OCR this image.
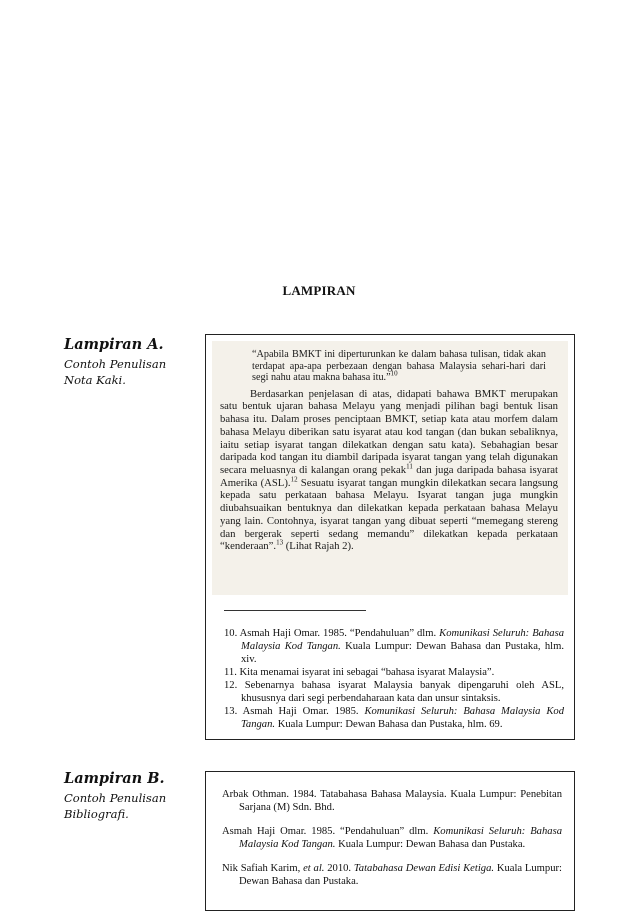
LAMPIRAN
Lampiran A.
Contoh Penulisan Nota Kaki.
“Apabila BMKT ini diperturunkan ke dalam bahasa tulisan, tidak akan terdapat apa-apa perbezaan dengan bahasa Malaysia sehari-hari dari segi nahu atau makna bahasa itu.”$^{10}$
Berdasarkan penjelasan di atas, didapati bahawa BMKT merupakan satu bentuk ujaran bahasa Melayu yang menjadi pilihan bagi bentuk lisan bahasa itu. Dalam proses penciptaan BMKT, setiap kata atau morfem dalam bahasa Melayu diberikan satu isyarat atau kod tangan (dan bukan sebaliknya, iaitu setiap isyarat tangan dilekatkan dengan satu kata). Sebahagian besar daripada kod tangan itu diambil daripada isyarat tangan yang telah digunakan secara meluasnya di kalangan orang pekak$^{11}$ dan juga daripada bahasa isyarat Amerika (ASL).$^{12}$ Sesuatu isyarat tangan mungkin dilekatkan secara langsung kepada satu perkataan bahasa Melayu. Isyarat tangan juga mungkin diubahsuaikan bentuknya dan dilekatkan kepada perkataan bahasa Melayu yang lain. Contohnya, isyarat tangan yang dibuat seperti “memegang stereng dan bergerak seperti sedang memandu” dilekatkan kepada perkataan “kenderaan”.$^{13}$ (Lihat Rajah 2).
10. Asmah Haji Omar. 1985. “Pendahuluan” dlm. Komunikasi Seluruh: Bahasa Malaysia Kod Tangan. Kuala Lumpur: Dewan Bahasa dan Pustaka, hlm. xiv.
11. Kita menamai isyarat ini sebagai “bahasa isyarat Malaysia”.
12. Sebenarnya bahasa isyarat Malaysia banyak dipengaruhi oleh ASL, khususnya dari segi perbendaharaan kata dan unsur sintaksis.
13. Asmah Haji Omar. 1985. Komunikasi Seluruh: Bahasa Malaysia Kod Tangan. Kuala Lumpur: Dewan Bahasa dan Pustaka, hlm. 69.
Lampiran B.
Contoh Penulisan Bibliografi.
Arbak Othman. 1984. Tatabahasa Bahasa Malaysia. Kuala Lumpur: Penebitan Sarjana (M) Sdn. Bhd.
Asmah Haji Omar. 1985. “Pendahuluan” dlm. Komunikasi Seluruh: Bahasa Malaysia Kod Tangan. Kuala Lumpur: Dewan Bahasa dan Pustaka.
Nik Safiah Karim, et al. 2010. Tatabahasa Dewan Edisi Ketiga. Kuala Lumpur: Dewan Bahasa dan Pustaka.
